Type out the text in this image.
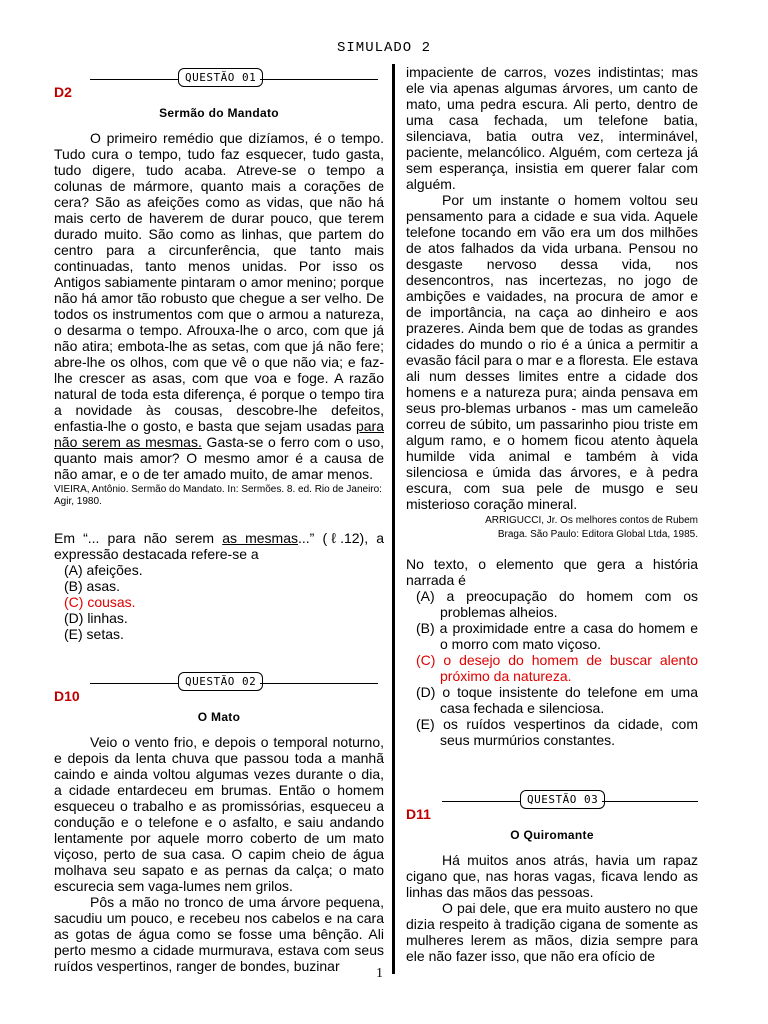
SIMULADO 2
QUESTÃO 01
D2
Sermão do Mandato

O primeiro remédio que dizíamos, é o tempo. Tudo cura o tempo, tudo faz esquecer, tudo gasta, tudo digere, tudo acaba. Atreve-se o tempo a colunas de mármore, quanto mais a corações de cera? São as afeições como as vidas, que não há mais certo de haverem de durar pouco, que terem durado muito. São como as linhas, que partem do centro para a circunferência, que tanto mais continuadas, tanto menos unidas. Por isso os Antigos sabiamente pintaram o amor menino; porque não há amor tão robusto que chegue a ser velho. De todos os instrumentos com que o armou a natureza, o desarma o tempo. Afrouxa-lhe o arco, com que já não atira; embota-lhe as setas, com que já não fere; abre-lhe os olhos, com que vê o que não via; e faz-lhe crescer as asas, com que voa e foge. A razão natural de toda esta diferença, é porque o tempo tira a novidade às cousas, descobre-lhe defeitos, enfastia-lhe o gosto, e basta que sejam usadas para não serem as mesmas. Gasta-se o ferro com o uso, quanto mais amor? O mesmo amor é a causa de não amar, e o de ter amado muito, de amar menos.

VIEIRA, Antônio. Sermão do Mandato. In: Sermões. 8. ed. Rio de Janeiro: Agir, 1980.

Em “... para não serem as mesmas...” (ℓ.12), a expressão destacada refere-se a

(A) afeições.
(B) asas.
(C) cousas.
(D) linhas.
(E) setas.
QUESTÃO 02
D10
O Mato

Veio o vento frio, e depois o temporal noturno, e depois da lenta chuva que passou toda a manhã caindo e ainda voltou algumas vezes durante o dia, a cidade entardeceu em brumas. Então o homem esqueceu o trabalho e as promissórias, esqueceu a condução e o telefone e o asfalto, e saiu andando lentamente por aquele morro coberto de um mato viçoso, perto de sua casa. O capim cheio de água molhava seu sapato e as pernas da calça; o mato escurecia sem vaga-lumes nem grilos.

Pôs a mão no tronco de uma árvore pequena, sacudiu um pouco, e recebeu nos cabelos e na cara as gotas de água como se fosse uma bênção. Ali perto mesmo a cidade murmurava, estava com seus ruídos vespertinos, ranger de bondes, buzinar

impaciente de carros, vozes indistintas; mas ele via apenas algumas árvores, um canto de mato, uma pedra escura. Ali perto, dentro de uma casa fechada, um telefone batia, silenciava, batia outra vez, interminável, paciente, melancólico. Alguém, com certeza já sem esperança, insistia em querer falar com alguém.

Por um instante o homem voltou seu pensamento para a cidade e sua vida. Aquele telefone tocando em vão era um dos milhões de atos falhados da vida urbana. Pensou no desgaste nervoso dessa vida, nos desencontros, nas incertezas, no jogo de ambições e vaidades, na procura de amor e de importância, na caça ao dinheiro e aos prazeres. Ainda bem que de todas as grandes cidades do mundo o rio é a única a permitir a evasão fácil para o mar e a floresta. Ele estava ali num desses limites entre a cidade dos homens e a natureza pura; ainda pensava em seus pro-blemas urbanos - mas um cameleão correu de súbito, um passarinho piou triste em algum ramo, e o homem ficou atento àquela humilde vida animal e também à vida silenciosa e úmida das árvores, e à pedra escura, com sua pele de musgo e seu misterioso coração mineral.

ARRIGUCCI, Jr. Os melhores contos de Rubem

Braga. São Paulo: Editora Global Ltda, 1985.

No texto, o elemento que gera a história narrada é

(A) a preocupação do homem com os problemas alheios.
(B) a proximidade entre a casa do homem e o morro com mato viçoso.
(C) o desejo do homem de buscar alento próximo da natureza.
(D) o toque insistente do telefone em uma casa fechada e silenciosa.
(E) os ruídos vespertinos da cidade, com seus murmúrios constantes.
QUESTÃO 03
D11
O Quiromante

Há muitos anos atrás, havia um rapaz cigano que, nas horas vagas, ficava lendo as linhas das mãos das pessoas.

O pai dele, que era muito austero no que dizia respeito à tradição cigana de somente as mulheres lerem as mãos, dizia sempre para ele não fazer isso, que não era ofício de

1
